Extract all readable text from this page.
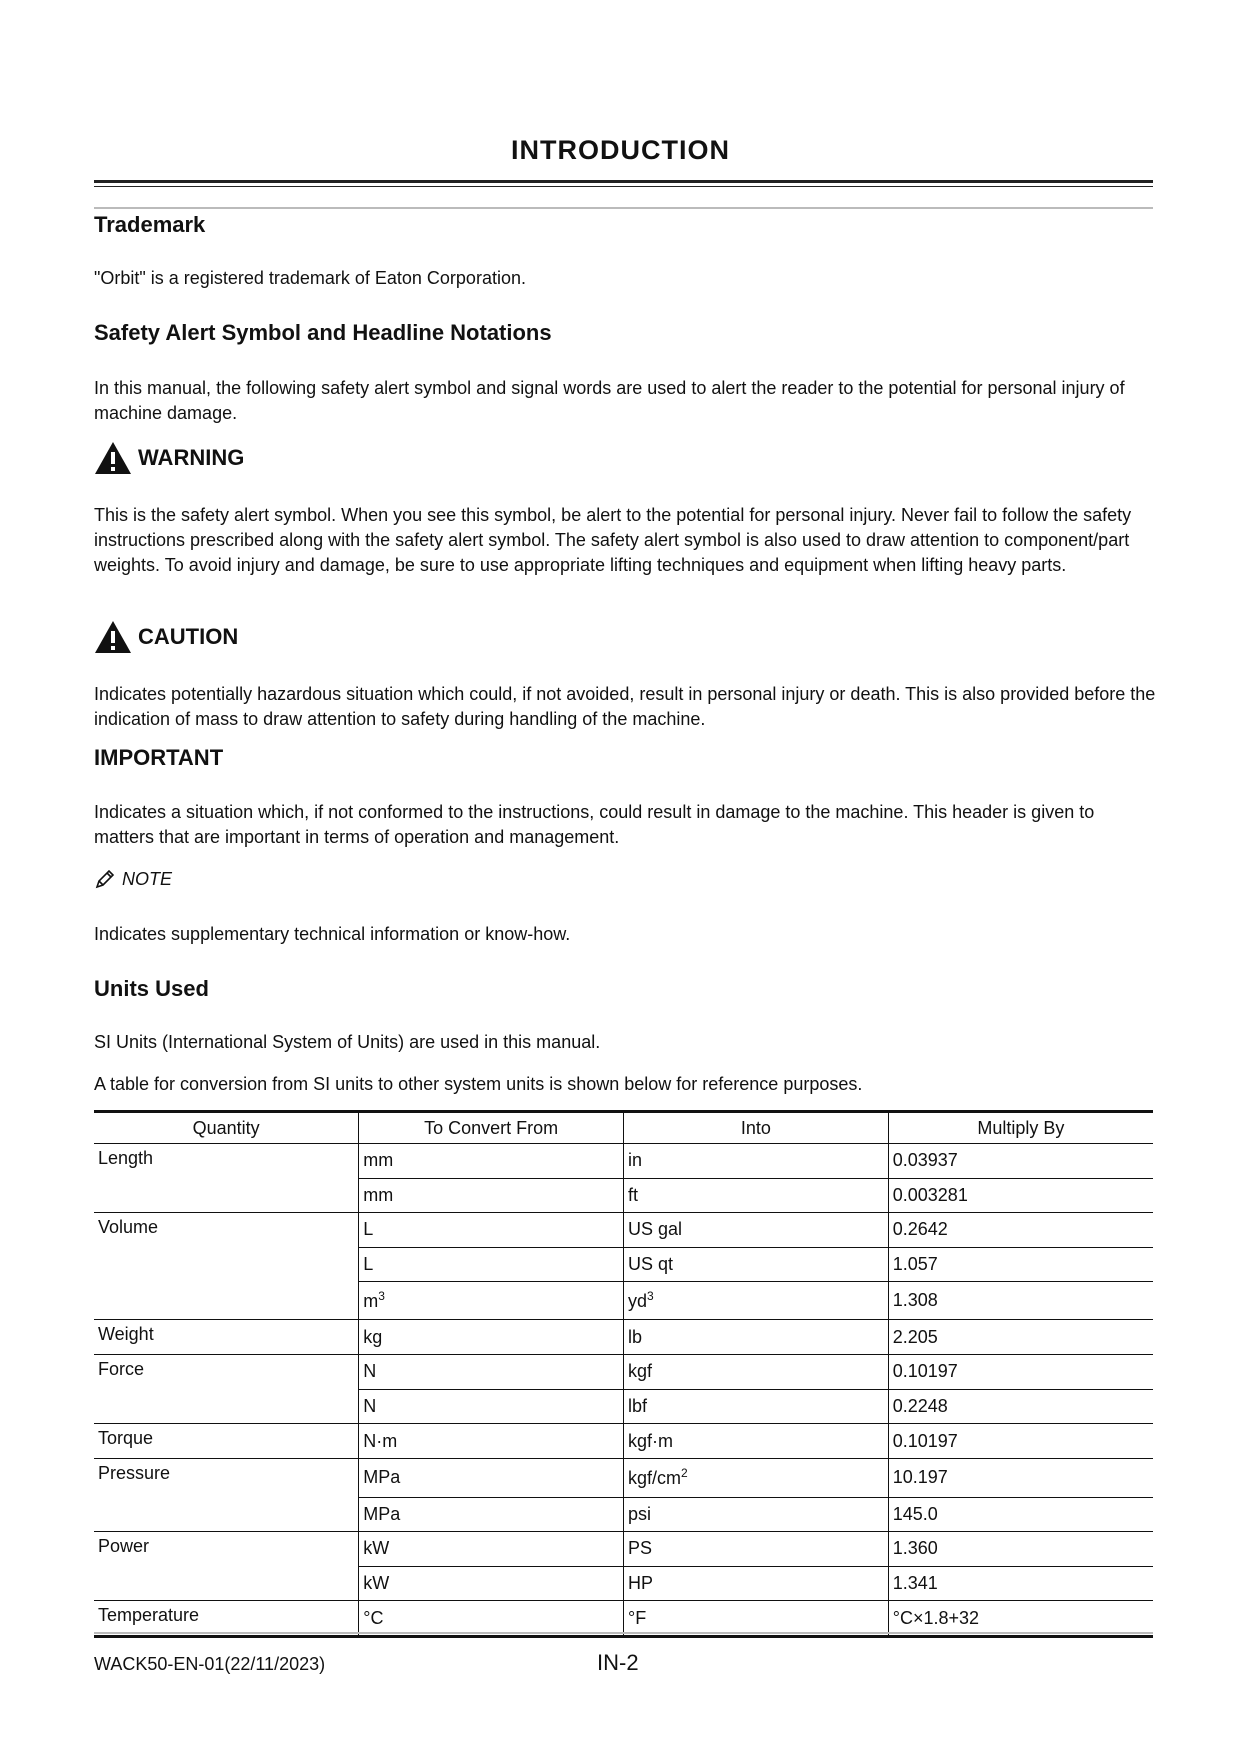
INTRODUCTION
Trademark

"Orbit" is a registered trademark of Eaton Corporation.

Safety Alert Symbol and Headline Notations

In this manual, the following safety alert symbol and signal words are used to alert the reader to the potential for personal injury of machine damage.

WARNING

This is the safety alert symbol. When you see this symbol, be alert to the potential for personal injury. Never fail to follow the safety instructions prescribed along with the safety alert symbol. The safety alert symbol is also used to draw attention to component/part weights. To avoid injury and damage, be sure to use appropriate lifting techniques and equipment when lifting heavy parts.

CAUTION

Indicates potentially hazardous situation which could, if not avoided, result in personal injury or death. This is also provided before the indication of mass to draw attention to safety during handling of the machine.

IMPORTANT

Indicates a situation which, if not conformed to the instructions, could result in damage to the machine. This header is given to matters that are important in terms of operation and management.

NOTE

Indicates supplementary technical information or know-how.

Units Used

SI Units (International System of Units) are used in this manual.

A table for conversion from SI units to other system units is shown below for reference purposes.

Quantity	To Convert From	Into	Multiply By
Length	mm	in	0.03937
	mm	ft	0.003281
Volume	L	US gal	0.2642
	L	US qt	1.057
	$m^3$	$yd^3$	1.308
Weight	kg	lb	2.205
Force	N	kgf	0.10197
	N	lbf	0.2248
Torque	N·m	kgf·m	0.10197
Pressure	MPa	kgf/$cm^2$	10.197
	MPa	psi	145.0
Power	kW	PS	1.360
	kW	HP	1.341
Temperature	°C	°F	°C×1.8+32
WACK50-EN-01(22/11/2023)	IN-2
